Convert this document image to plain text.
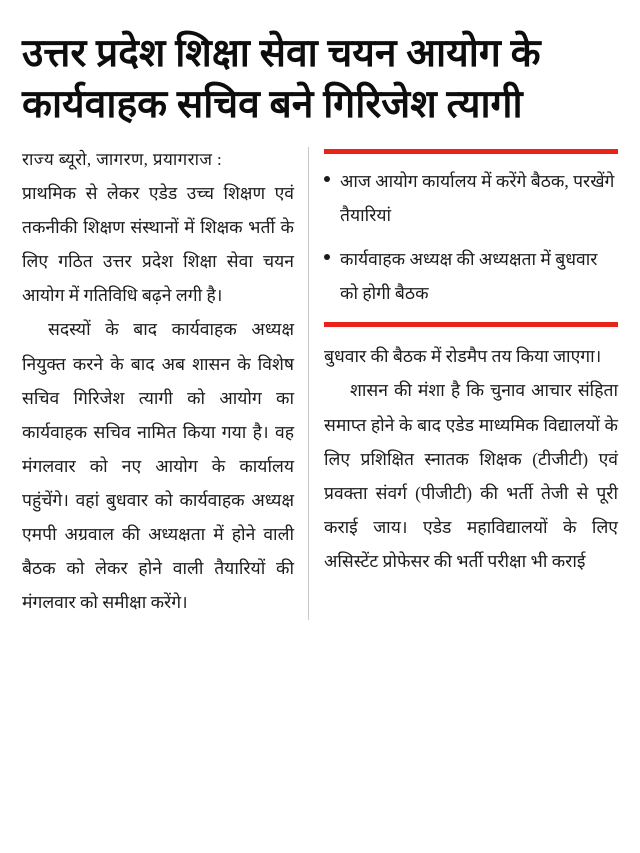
उत्तर प्रदेश शिक्षा सेवा चयन आयोग के
कार्यवाहक सचिव बने गिरिजेश त्यागी

राज्य ब्यूरो, जागरण, प्रयागराज :

प्राथमिक से लेकर एडेड उच्च शिक्षण एवं तकनीकी शिक्षण संस्थानों में शिक्षक भर्ती के लिए गठित उत्तर प्रदेश शिक्षा सेवा चयन आयोग में गतिविधि बढ़ने लगी है।

सदस्यों के बाद कार्यवाहक अध्यक्ष नियुक्त करने के बाद अब शासन के विशेष सचिव गिरिजेश त्यागी को आयोग का कार्यवाहक सचिव नामित किया गया है। वह मंगलवार को नए आयोग के कार्यालय पहुंचेंगे। वहां बुधवार को कार्यवाहक अध्यक्ष एमपी अग्रवाल की अध्यक्षता में होने वाली बैठक को लेकर होने वाली तैयारियों की मंगलवार को समीक्षा करेंगे।

आज आयोग कार्यालय में करेंगे बैठक, परखेंगे तैयारियां
कार्यवाहक अध्यक्ष की अध्यक्षता में बुधवार को होगी बैठक

बुधवार की बैठक में रोडमैप तय किया जाएगा।

शासन की मंशा है कि चुनाव आचार संहिता समाप्त होने के बाद एडेड माध्यमिक विद्यालयों के लिए प्रशिक्षित स्नातक शिक्षक (टीजीटी) एवं प्रवक्ता संवर्ग (पीजीटी) की भर्ती तेजी से पूरी कराई जाय। एडेड महाविद्यालयों के लिए असिस्टेंट प्रोफेसर की भर्ती परीक्षा भी कराई
